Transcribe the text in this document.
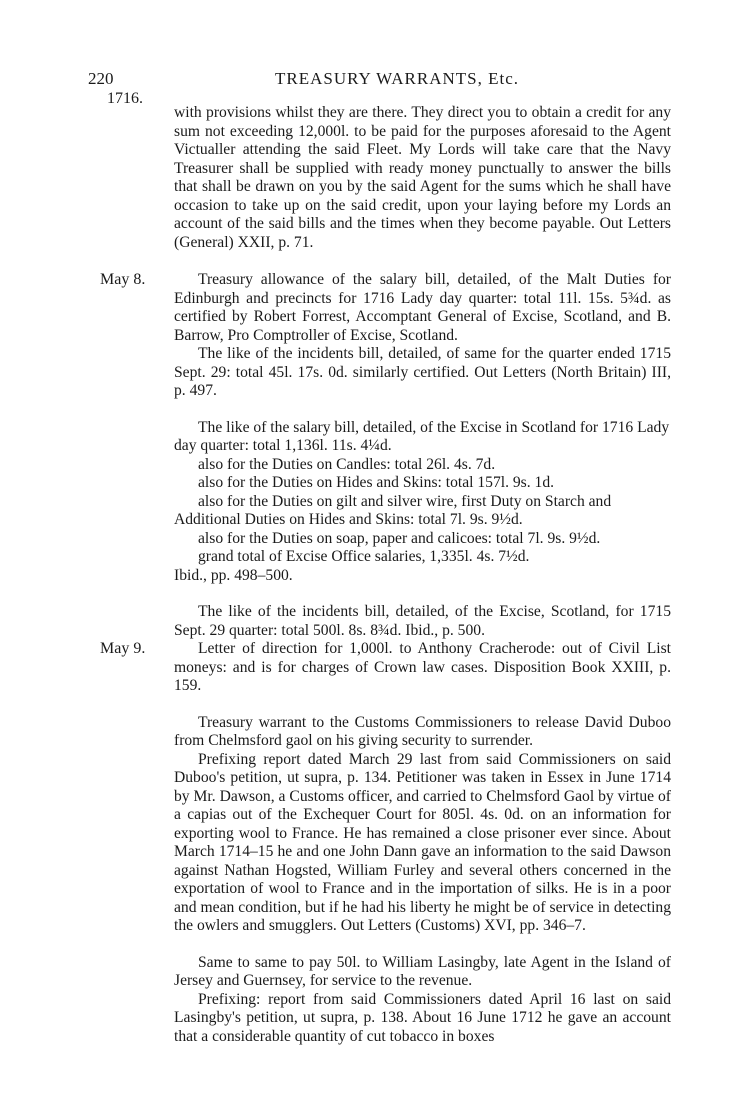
220	TREASURY WARRANTS, Etc.
1716.

with provisions whilst they are there. They direct you to obtain a credit for any sum not exceeding 12,000l. to be paid for the purposes aforesaid to the Agent Victualler attending the said Fleet. My Lords will take care that the Navy Treasurer shall be supplied with ready money punctually to answer the bills that shall be drawn on you by the said Agent for the sums which he shall have occasion to take up on the said credit, upon your laying before my Lords an account of the said bills and the times when they become payable. Out Letters (General) XXII, p. 71.

May 8.	Treasury allowance of the salary bill, detailed, of the Malt Duties for Edinburgh and precincts for 1716 Lady day quarter: total 11l. 15s. 5¾d. as certified by Robert Forrest, Accomptant General of Excise, Scotland, and B. Barrow, Pro Comptroller of Excise, Scotland.

The like of the incidents bill, detailed, of same for the quarter ended 1715 Sept. 29: total 45l. 17s. 0d. similarly certified. Out Letters (North Britain) III, p. 497.

The like of the salary bill, detailed, of the Excise in Scotland for 1716 Lady day quarter: total 1,136l. 11s. 4¼d.

also for the Duties on Candles: total 26l. 4s. 7d.

also for the Duties on Hides and Skins: total 157l. 9s. 1d.

also for the Duties on gilt and silver wire, first Duty on Starch and Additional Duties on Hides and Skins: total 7l. 9s. 9½d.

also for the Duties on soap, paper and calicoes: total 7l. 9s. 9½d.

grand total of Excise Office salaries, 1,335l. 4s. 7½d.

Ibid., pp. 498–500.

The like of the incidents bill, detailed, of the Excise, Scotland, for 1715 Sept. 29 quarter: total 500l. 8s. 8¾d. Ibid., p. 500.

May 9.	Letter of direction for 1,000l. to Anthony Cracherode: out of Civil List moneys: and is for charges of Crown law cases. Disposition Book XXIII, p. 159.

Treasury warrant to the Customs Commissioners to release David Duboo from Chelmsford gaol on his giving security to surrender.

Prefixing report dated March 29 last from said Commissioners on said Duboo's petition, ut supra, p. 134. Petitioner was taken in Essex in June 1714 by Mr. Dawson, a Customs officer, and carried to Chelmsford Gaol by virtue of a capias out of the Exchequer Court for 805l. 4s. 0d. on an information for exporting wool to France. He has remained a close prisoner ever since. About March 1714–15 he and one John Dann gave an information to the said Dawson against Nathan Hogsted, William Furley and several others concerned in the exportation of wool to France and in the importation of silks. He is in a poor and mean condition, but if he had his liberty he might be of service in detecting the owlers and smugglers. Out Letters (Customs) XVI, pp. 346–7.

Same to same to pay 50l. to William Lasingby, late Agent in the Island of Jersey and Guernsey, for service to the revenue.

Prefixing: report from said Commissioners dated April 16 last on said Lasingby's petition, ut supra, p. 138. About 16 June 1712 he gave an account that a considerable quantity of cut tobacco in boxes
